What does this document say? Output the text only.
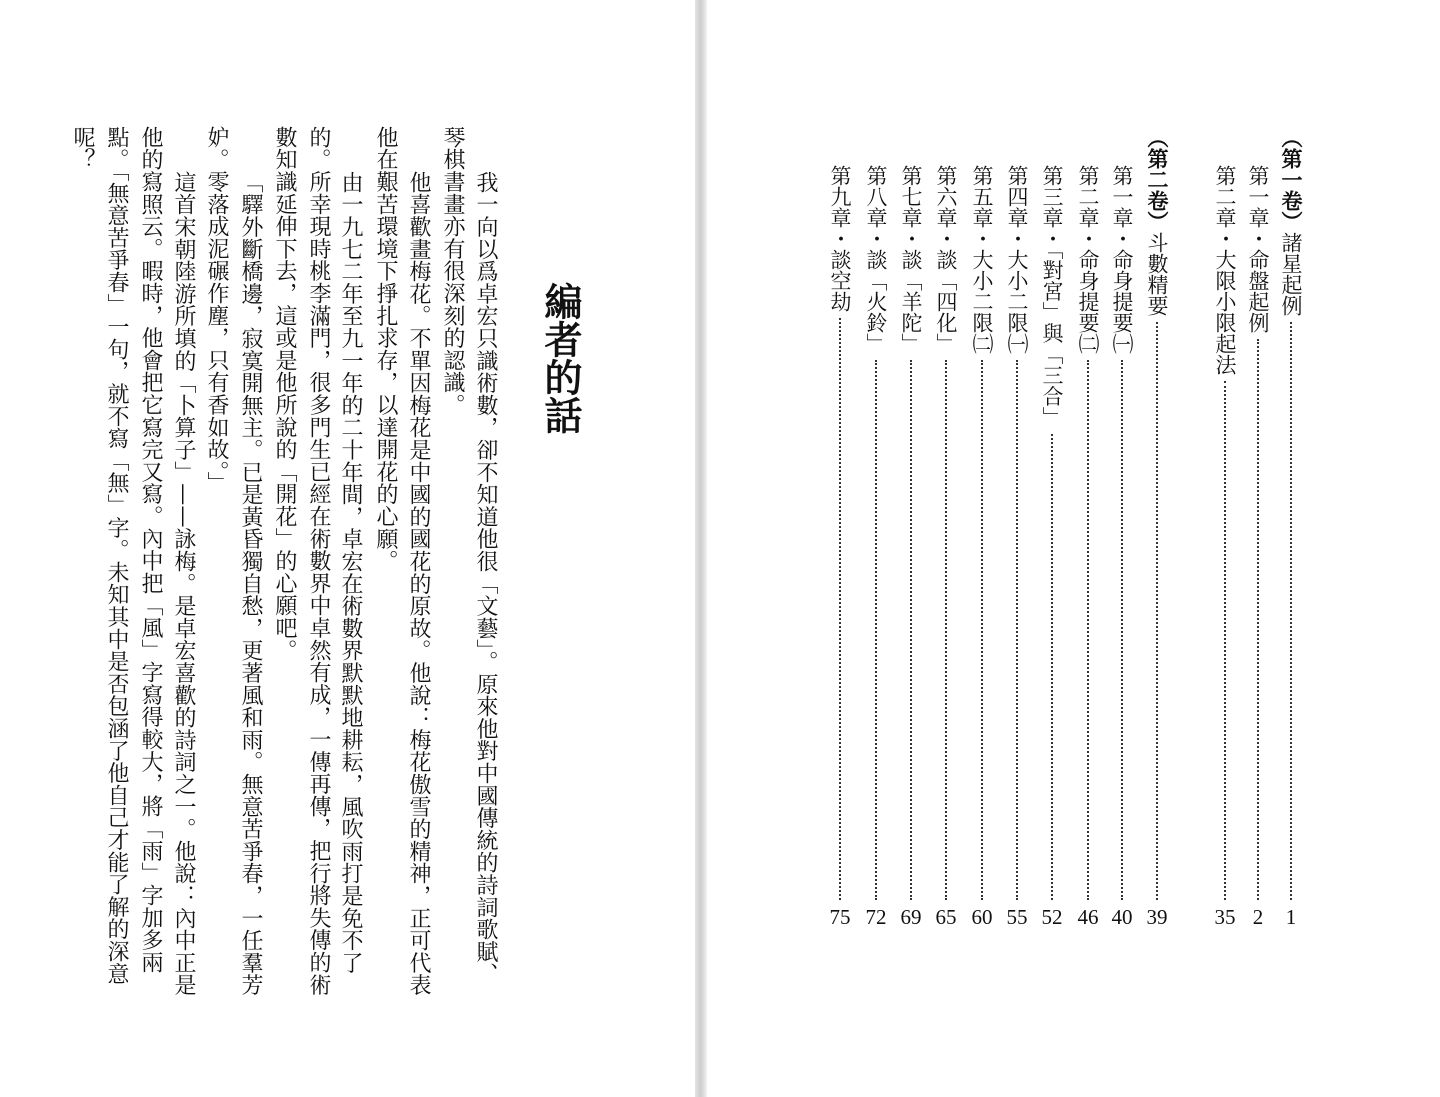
編者的話
我一向以爲卓宏只識術數，卻不知道他很「文藝」。原來他對中國傳統的詩詞歌賦、
琴棋書畫亦有很深刻的認識。
他喜歡畫梅花。不單因梅花是中國的國花的原故。他說：梅花傲雪的精神，正可代表
他在艱苦環境下掙扎求存，以達開花的心願。
由一九七二年至九一年的二十年間，卓宏在術數界默默地耕耘，風吹雨打是免不了
的。所幸現時桃李滿門，很多門生已經在術數界中卓然有成，一傳再傳，把行將失傳的術
數知識延伸下去，這或是他所說的「開花」的心願吧。
「驛外斷橋邊，寂寞開無主。已是黃昏獨自愁，更著風和雨。無意苦爭春，一任羣芳
妒。零落成泥碾作塵，只有香如故。」
這首宋朝陸游所填的「卜算子」——詠梅。是卓宏喜歡的詩詞之一。他說：內中正是
他的寫照云。暇時，他會把它寫完又寫。內中把「風」字寫得較大，將「雨」字加多兩
點。「無意苦爭春」一句，就不寫「無」字。未知其中是否包涵了他自己才能了解的深意
呢？	（第一卷）諸星起例
1
第一章・命盤起例
2
第二章・大限小限起法
35
（第二卷）斗數精要
39
第一章・命身提要㈠
40
第二章・命身提要㈡
46
第三章・「對宮」與「三合」
52
第四章・大小二限㈠
55
第五章・大小二限㈡
60
第六章・談「四化」
65
第七章・談「羊陀」
69
第八章・談「火鈴」
72
第九章・談空劫
75
